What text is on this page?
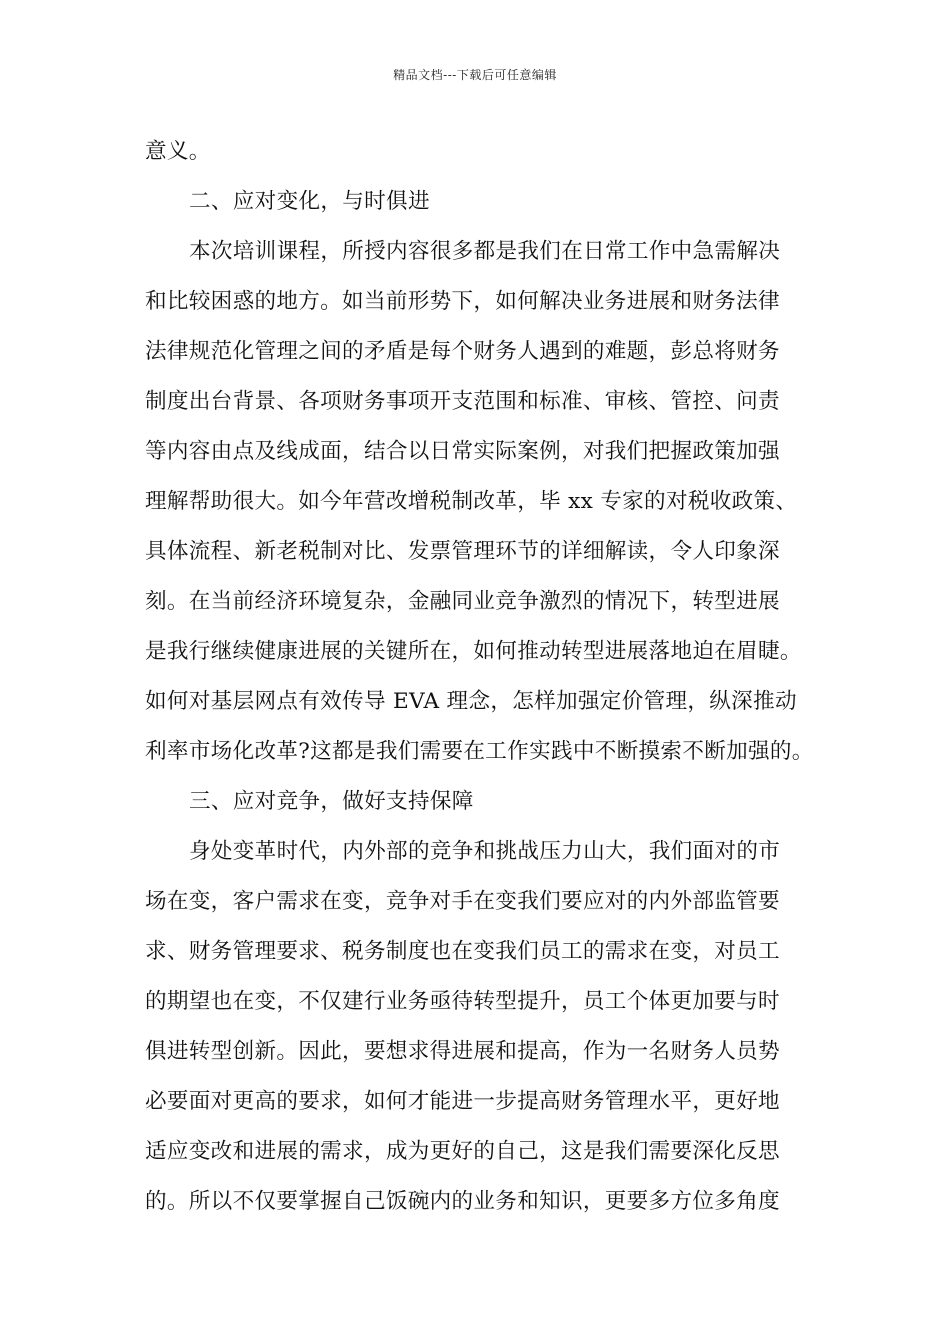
精品文档---下载后可任意编辑
意义。
二、应对变化，与时俱进
本次培训课程，所授内容很多都是我们在日常工作中急需解决
和比较困惑的地方。如当前形势下，如何解决业务进展和财务法律
法律规范化管理之间的矛盾是每个财务人遇到的难题，彭总将财务
制度出台背景、各项财务事项开支范围和标准、审核、管控、问责
等内容由点及线成面，结合以日常实际案例，对我们把握政策加强
理解帮助很大。如今年营改增税制改革，毕 xx 专家的对税收政策、
具体流程、新老税制对比、发票管理环节的详细解读，令人印象深
刻。在当前经济环境复杂，金融同业竞争激烈的情况下，转型进展
是我行继续健康进展的关键所在，如何推动转型进展落地迫在眉睫。
如何对基层网点有效传导 EVA 理念，怎样加强定价管理，纵深推动
利率市场化改革?这都是我们需要在工作实践中不断摸索不断加强的。
三、应对竞争，做好支持保障
身处变革时代，内外部的竞争和挑战压力山大，我们面对的市
场在变，客户需求在变，竞争对手在变我们要应对的内外部监管要
求、财务管理要求、税务制度也在变我们员工的需求在变，对员工
的期望也在变，不仅建行业务亟待转型提升，员工个体更加要与时
俱进转型创新。因此，要想求得进展和提高，作为一名财务人员势
必要面对更高的要求，如何才能进一步提高财务管理水平，更好地
适应变改和进展的需求，成为更好的自己，这是我们需要深化反思
的。所以不仅要掌握自己饭碗内的业务和知识，更要多方位多角度
